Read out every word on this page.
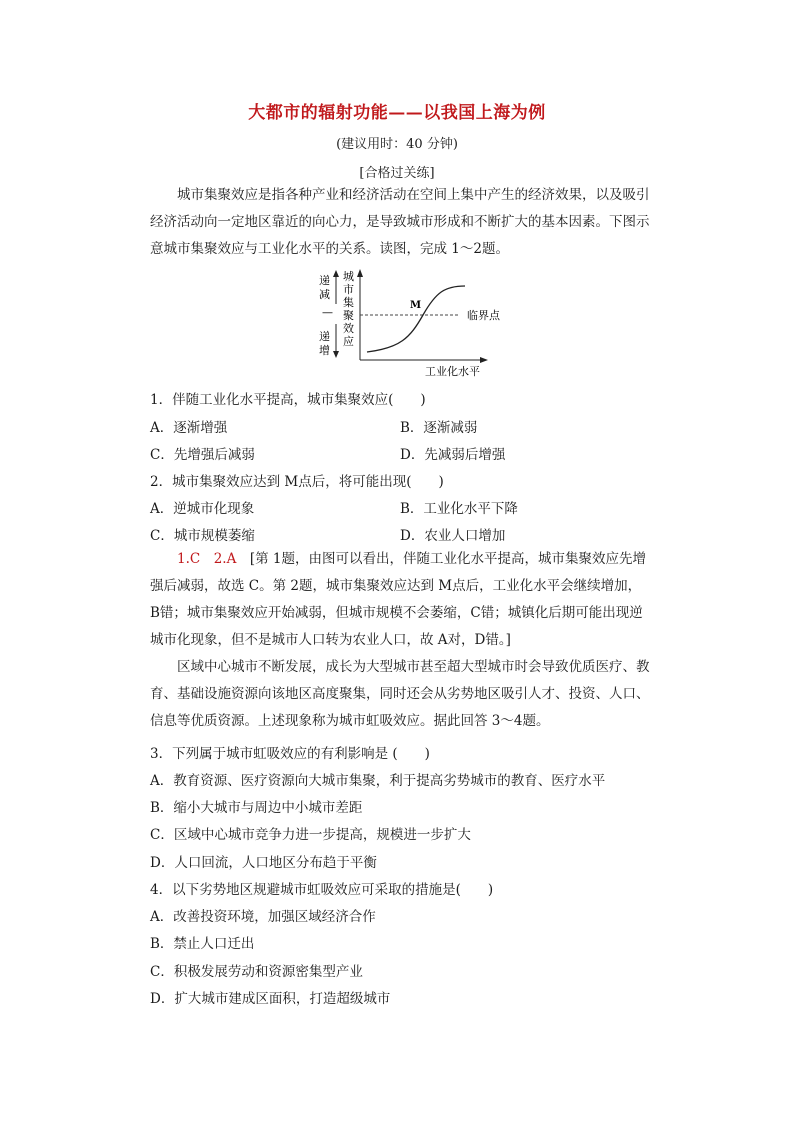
大都市的辐射功能——以我国上海为例
(建议用时：40 分钟)
[合格过关练]

城市集聚效应是指各种产业和经济活动在空间上集中产生的经济效果，以及吸引经济活动向一定地区靠近的向心力，是导致城市形成和不断扩大的基本因素。下图示意城市集聚效应与工业化水平的关系。读图，完成 1～2题。

递
减
—
递
增
城
市
集
聚
效
应
M
临界点
工业化水平
1．伴随工业化水平提高，城市集聚效应(　　)
A．逐渐增强	B．逐渐减弱
C．先增强后减弱	D．先减弱后增强
2．城市集聚效应达到 M点后，将可能出现(　　)
A．逆城市化现象	B．工业化水平下降
C．城市规模萎缩	D．农业人口增加

1.C　2.A　 [第 1题，由图可以看出，伴随工业化水平提高，城市集聚效应先增强后减弱，故选 C。第 2题，城市集聚效应达到 M点后，工业化水平会继续增加，B错；城市集聚效应开始减弱，但城市规模不会萎缩，C错；城镇化后期可能出现逆城市化现象，但不是城市人口转为农业人口，故 A对，D错。]

区域中心城市不断发展，成长为大型城市甚至超大型城市时会导致优质医疗、教育、基础设施资源向该地区高度聚集，同时还会从劣势地区吸引人才、投资、人口、信息等优质资源。上述现象称为城市虹吸效应。据此回答 3～4题。

3．下列属于城市虹吸效应的有利影响是 (　　)
A．教育资源、医疗资源向大城市集聚，利于提高劣势城市的教育、医疗水平
B．缩小大城市与周边中小城市差距
C．区域中心城市竞争力进一步提高，规模进一步扩大
D．人口回流，人口地区分布趋于平衡
4．以下劣势地区规避城市虹吸效应可采取的措施是(　　)
A．改善投资环境，加强区域经济合作
B．禁止人口迁出
C．积极发展劳动和资源密集型产业
D．扩大城市建成区面积，打造超级城市
